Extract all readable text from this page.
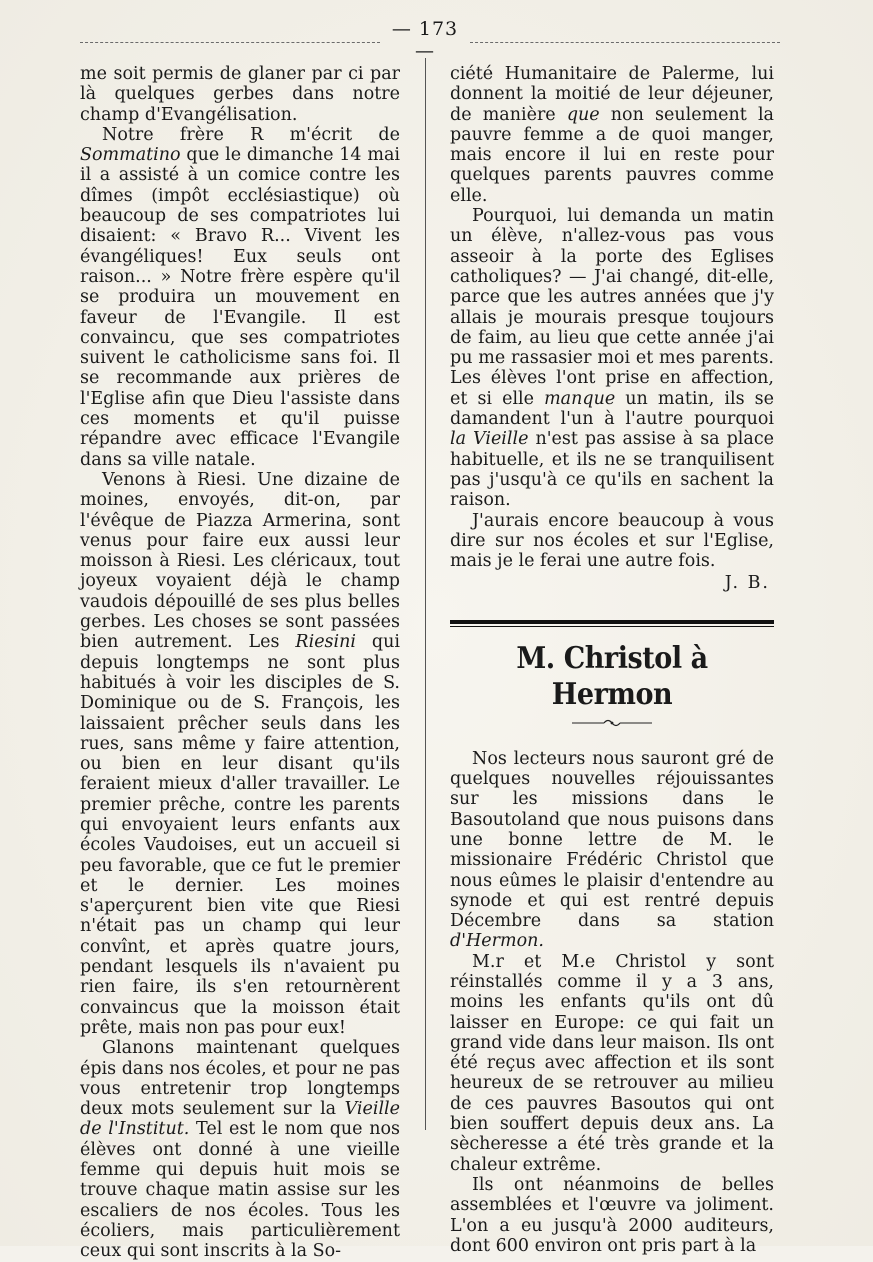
— 173 —

me soit permis de glaner par ci par là quelques gerbes dans notre champ d'Evangélisation.

Notre frère R m'écrit de Sommatino que le dimanche 14 mai il a assisté à un comice contre les dîmes (impôt ecclésiastique) où beaucoup de ses compatriotes lui disaient: « Bravo R... Vivent les évangéliques! Eux seuls ont raison... » Notre frère espère qu'il se produira un mouvement en faveur de l'Evangile. Il est convaincu, que ses compatriotes suivent le catholicisme sans foi. Il se recommande aux prières de l'Eglise afin que Dieu l'assiste dans ces moments et qu'il puisse répandre avec efficace l'Evangile dans sa ville natale.

Venons à Riesi. Une dizaine de moines, envoyés, dit-on, par l'évêque de Piazza Armerina, sont venus pour faire eux aussi leur moisson à Riesi. Les cléricaux, tout joyeux voyaient déjà le champ vaudois dépouillé de ses plus belles gerbes. Les choses se sont passées bien autrement. Les Riesini qui depuis longtemps ne sont plus habitués à voir les disciples de S. Dominique ou de S. François, les laissaient prêcher seuls dans les rues, sans même y faire attention, ou bien en leur disant qu'ils feraient mieux d'aller travailler. Le premier prêche, contre les parents qui envoyaient leurs enfants aux écoles Vaudoises, eut un accueil si peu favorable, que ce fut le premier et le dernier. Les moines s'aperçurent bien vite que Riesi n'était pas un champ qui leur convînt, et après quatre jours, pendant lesquels ils n'avaient pu rien faire, ils s'en retournèrent convaincus que la moisson était prête, mais non pas pour eux!

Glanons maintenant quelques épis dans nos écoles, et pour ne pas vous entretenir trop longtemps deux mots seulement sur la Vieille de l'Institut. Tel est le nom que nos élèves ont donné à une vieille femme qui depuis huit mois se trouve chaque matin assise sur les escaliers de nos écoles. Tous les écoliers, mais particulièrement ceux qui sont inscrits à la So-

ciété Humanitaire de Palerme, lui donnent la moitié de leur déjeuner, de manière que non seulement la pauvre femme a de quoi manger, mais encore il lui en reste pour quelques parents pauvres comme elle.

Pourquoi, lui demanda un matin un élève, n'allez-vous pas vous asseoir à la porte des Eglises catholiques? — J'ai changé, dit-elle, parce que les autres années que j'y allais je mourais presque toujours de faim, au lieu que cette année j'ai pu me rassasier moi et mes parents. Les élèves l'ont prise en affection, et si elle manque un matin, ils se damandent l'un à l'autre pourquoi la Vieille n'est pas assise à sa place habituelle, et ils ne se tranquilisent pas j'usqu'à ce qu'ils en sachent la raison.

J'aurais encore beaucoup à vous dire sur nos écoles et sur l'Eglise, mais je le ferai une autre fois.

J. B.
M. Christol à Hermon

Nos lecteurs nous sauront gré de quelques nouvelles réjouissantes sur les missions dans le Basoutoland que nous puisons dans une bonne lettre de M. le missionaire Frédéric Christol que nous eûmes le plaisir d'entendre au synode et qui est rentré depuis Décembre dans sa station d'Hermon.

M.r et M.e Christol y sont réinstallés comme il y a 3 ans, moins les enfants qu'ils ont dû laisser en Europe: ce qui fait un grand vide dans leur maison. Ils ont été reçus avec affection et ils sont heureux de se retrouver au milieu de ces pauvres Basoutos qui ont bien souffert depuis deux ans. La sècheresse a été très grande et la chaleur extrême.

Ils ont néanmoins de belles assemblées et l'œuvre va joliment. L'on a eu jusqu'à 2000 auditeurs, dont 600 environ ont pris part à la
